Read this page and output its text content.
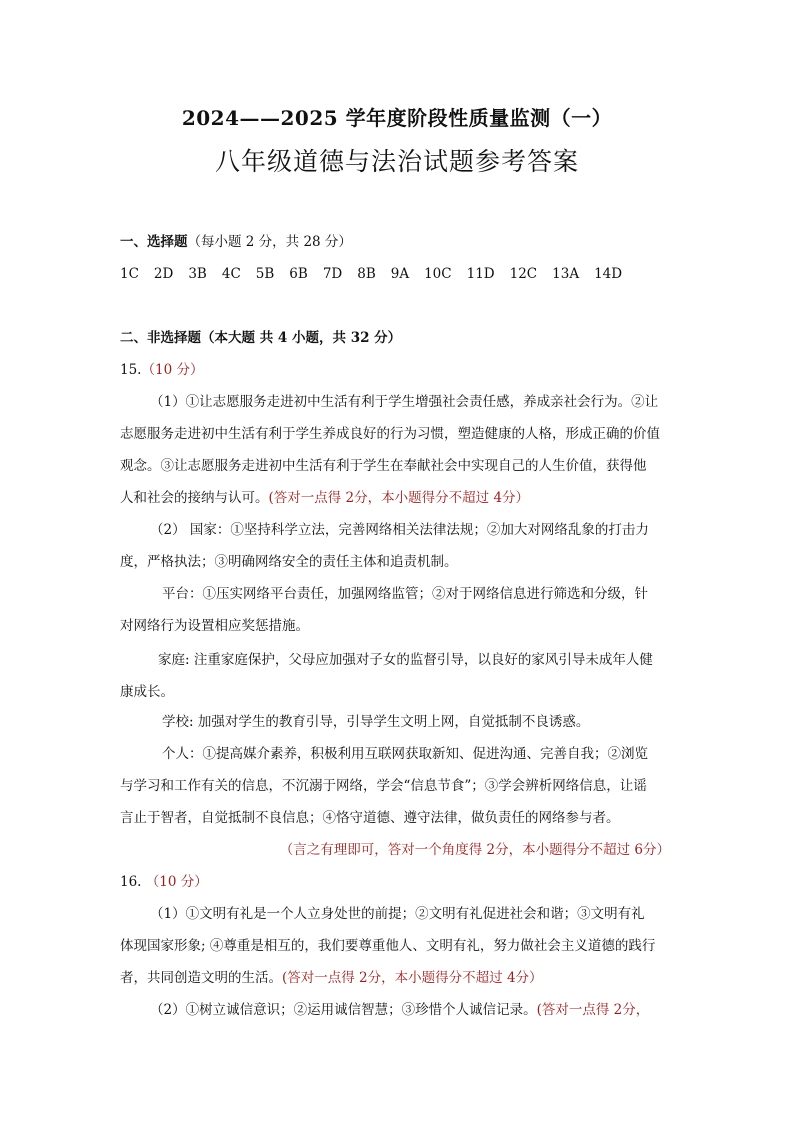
2024——2025 学年度阶段性质量监测（一）
八年级道德与法治试题参考答案
一、选择题（每小题 2 分，共 28 分）
1C 2D 3B 4C 5B 6B 7D 8B 9A 10C 11D 12C 13A 14D
二、非选择题（本大题 共 4 小题，共 32 分）
15.（10 分）
（1）①让志愿服务走进初中生活有利于学生增强社会责任感，养成亲社会行为。②让
志愿服务走进初中生活有利于学生养成良好的行为习惯，塑造健康的人格，形成正确的价值
观念。③让志愿服务走进初中生活有利于学生在奉献社会中实现自己的人生价值，获得他
人和社会的接纳与认可。(答对一点得 2分，本小题得分不超过 4分）
（2） 国家：①坚持科学立法，完善网络相关法律法规；②加大对网络乱象的打击力
度，严格执法；③明确网络安全的责任主体和追责机制。
平台：①压实网络平台责任，加强网络监管；②对于网络信息进行筛选和分级，针
对网络行为设置相应奖惩措施。
家庭: 注重家庭保护，父母应加强对子女的监督引导，以良好的家风引导未成年人健
康成长。
学校: 加强对学生的教育引导，引导学生文明上网，自觉抵制不良诱惑。
个人：①提高媒介素养，积极利用互联网获取新知、促进沟通、完善自我；②浏览
与学习和工作有关的信息，不沉溺于网络，学会“信息节食”；③学会辨析网络信息，让谣
言止于智者，自觉抵制不良信息；④恪守道德、遵守法律，做负责任的网络参与者。
（言之有理即可，答对一个角度得 2分，本小题得分不超过 6分）
16. （10 分）
（1）①文明有礼是一个人立身处世的前提；②文明有礼促进社会和谐；③文明有礼
体现国家形象; ④尊重是相互的，我们要尊重他人、文明有礼，努力做社会主义道德的践行
者，共同创造文明的生活。(答对一点得 2分，本小题得分不超过 4分）
（2）①树立诚信意识；②运用诚信智慧；③珍惜个人诚信记录。(答对一点得 2分，
